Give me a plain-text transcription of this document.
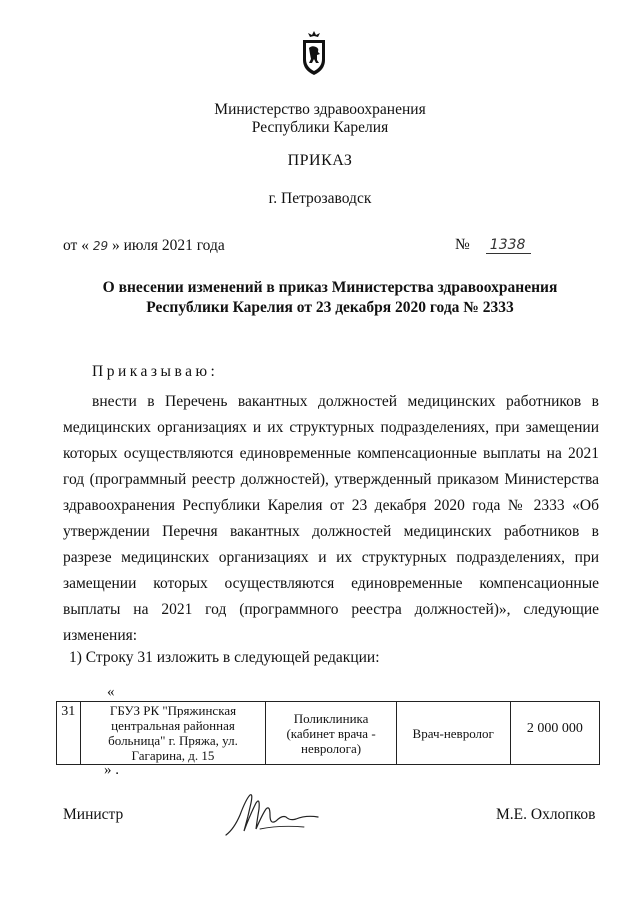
Министерство здравоохранения
Республики Карелия
ПРИКАЗ
г. Петрозаводск
от « 29 » июля 2021 года	№ 1338
О внесении изменений в приказ Министерства здравоохранения Республики Карелия от 23 декабря 2020 года № 2333
Приказываю:
внести в Перечень вакантных должностей медицинских работников в медицинских организациях и их структурных подразделениях, при замещении которых осуществляются единовременные компенсационные выплаты на 2021 год (программный реестр должностей), утвержденный приказом Министерства здравоохранения Республики Карелия от 23 декабря 2020 года № 2333 «Об утверждении Перечня вакантных должностей медицинских работников в разрезе медицинских организациях и их структурных подразделениях, при замещении которых осуществляются единовременные компенсационные выплаты на 2021 год (программного реестра должностей)», следующие изменения:
1) Строку 31 изложить в следующей редакции:
«
31	ГБУЗ РК "Пряжинская центральная районная больница" г. Пряжа, ул. Гагарина, д. 15	Поликлиника (кабинет врача - невролога)	Врач-невролог	2 000 000
» .
Министр	М.Е. Охлопков
